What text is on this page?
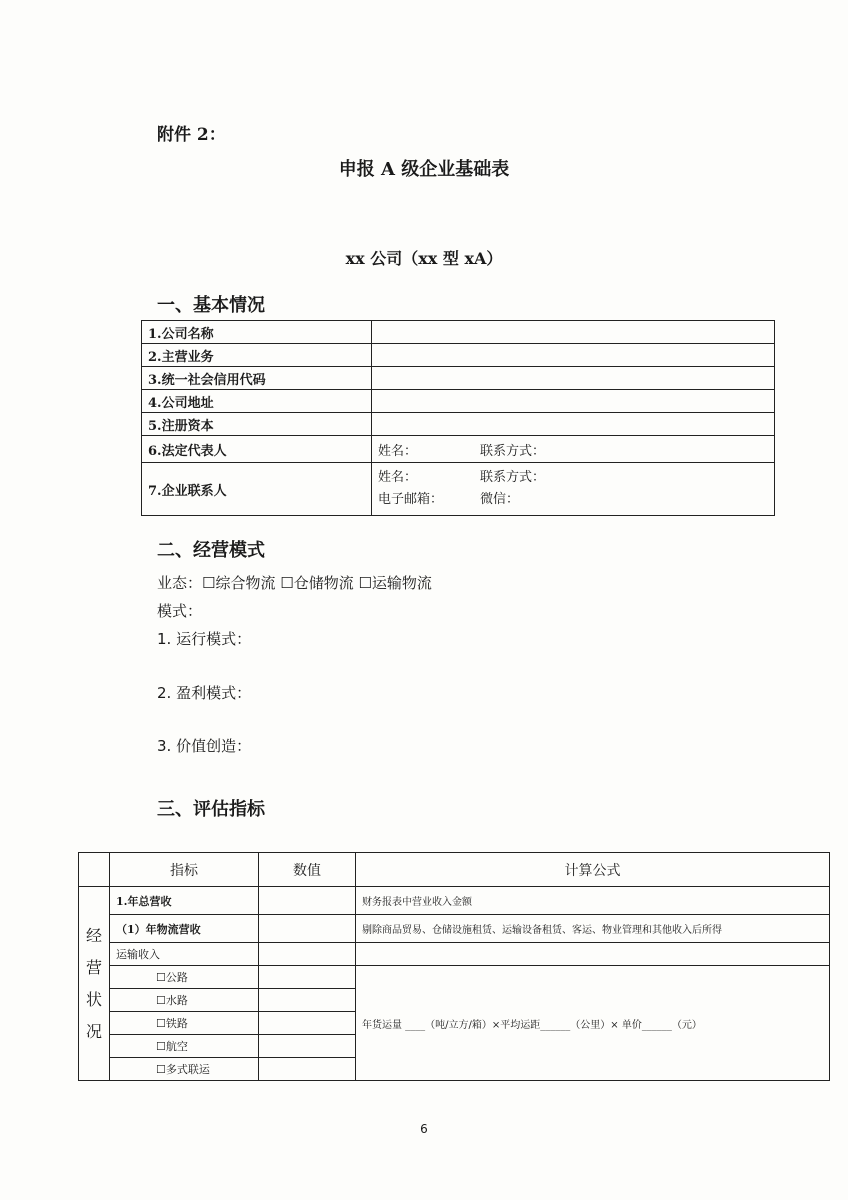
附件 2：
申报 A 级企业基础表
xx 公司（xx 型 xA）
一、基本情况
1.公司名称	
2.主营业务	
3.统一社会信用代码	
4.公司地址	
5.注册资本	
6.法定代表人	姓名： 联系方式：
7.企业联系人	姓名： 联系方式：
电子邮箱： 微信：
二、经营模式
业态：☐综合物流 ☐仓储物流 ☐运输物流
模式：
1. 运行模式：
2. 盈利模式：
3. 价值创造：
三、评估指标
	指标	数值	计算公式

经
营
状
况	1.年总营收		财务报表中营业收入金额
	（1）年物流营收		剔除商品贸易、仓储设施租赁、运输设备租赁、客运、物业管理和其他收入后所得
	运输收入		
	☐公路		年货运量 ____（吨/立方/箱）×平均运距______（公里）× 单价______（元）
	☐水路		
	☐铁路		
	☐航空		
	☐多式联运		
6
